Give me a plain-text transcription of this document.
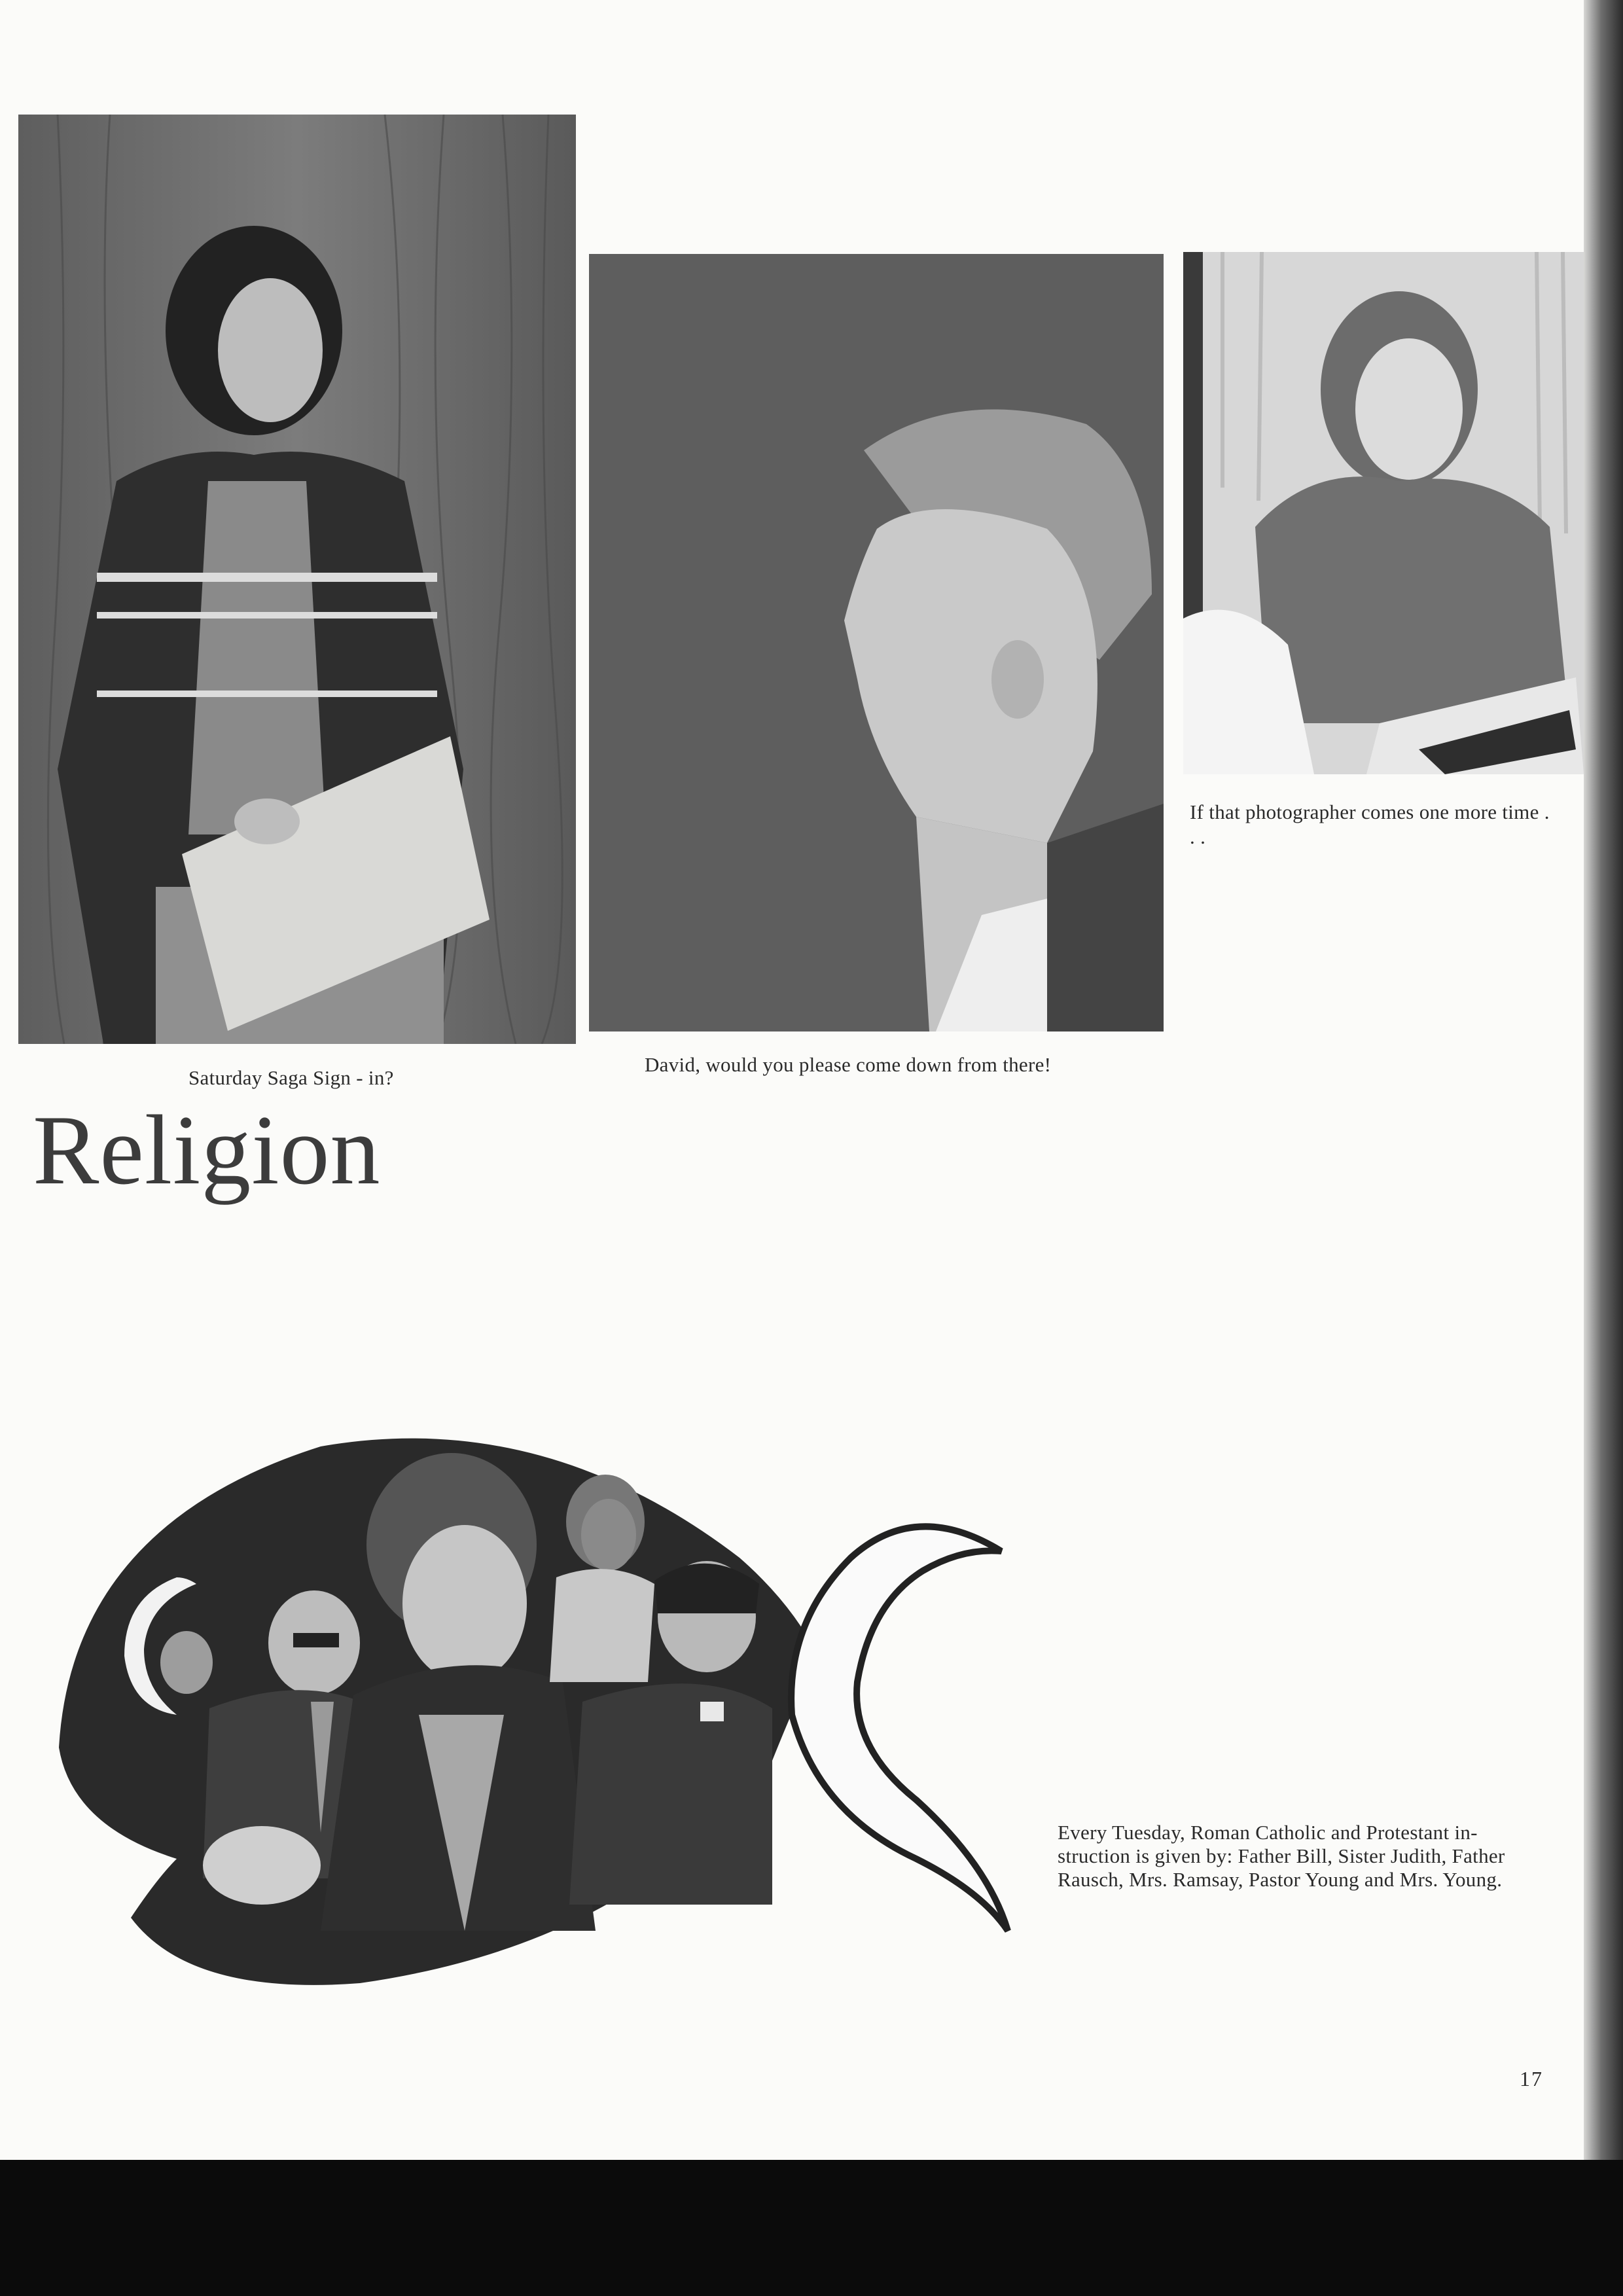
Saturday Saga Sign - in?
David, would you please come down from there!
If that photographer comes one more time . . .
Religion
Every Tuesday, Roman Catholic and Protestant in- struction is given by: Father Bill, Sister Judith, Father Rausch, Mrs. Ramsay, Pastor Young and Mrs. Young.
17
